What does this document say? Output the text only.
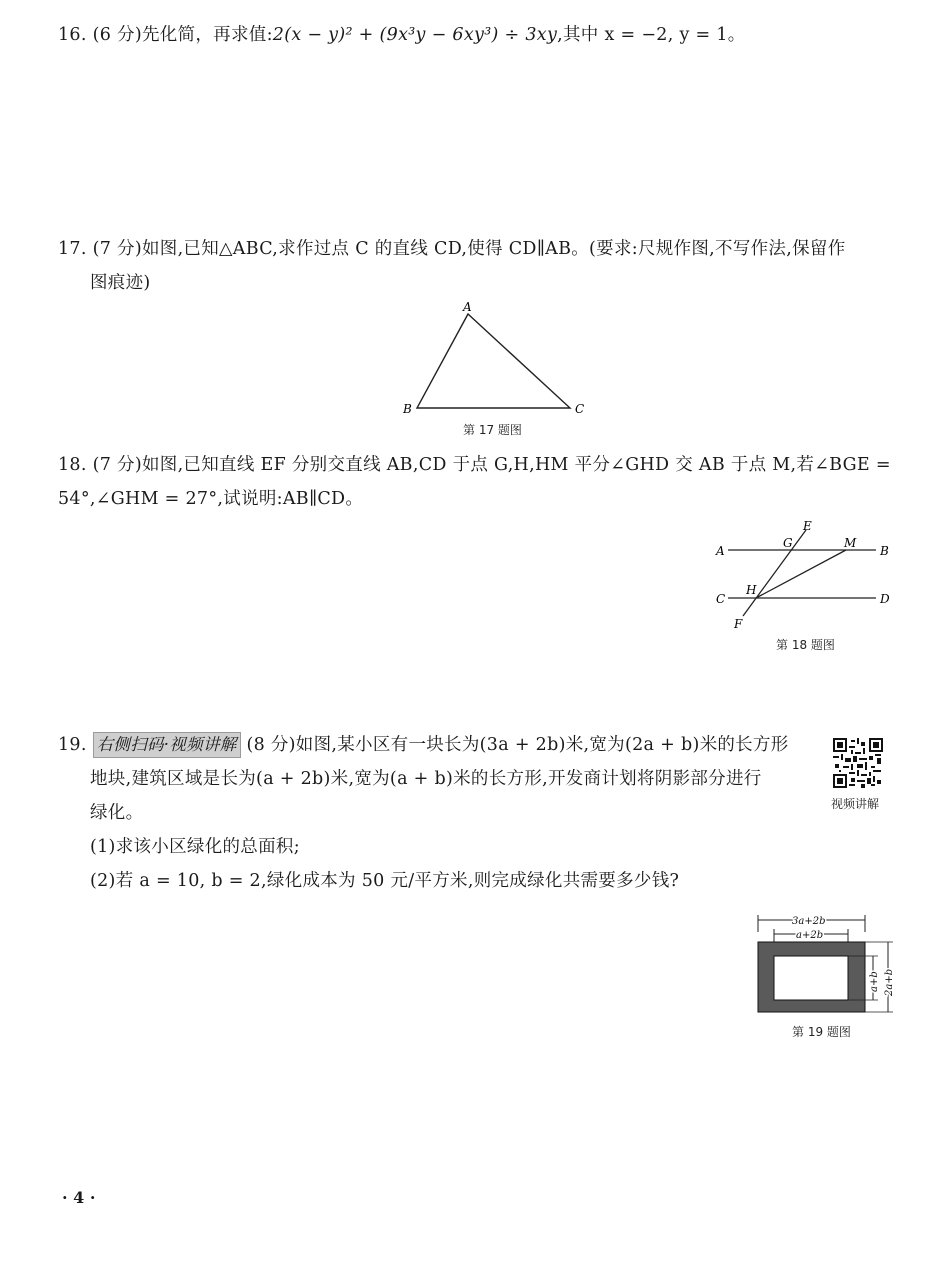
16. (6 分)先化简，再求值:2(x − y)² + (9x³y − 6xy³) ÷ 3xy,其中 x = −2, y = 1。
17. (7 分)如图,已知△ABC,求作过点 C 的直线 CD,使得 CD∥AB。(要求:尺规作图,不写作法,保留作
图痕迹)
A
B	C
第 17 题图
18. (7 分)如图,已知直线 EF 分别交直线 AB,CD 于点 G,H,HM 平分∠GHD 交 AB 于点 M,若∠BGE =
54°,∠GHM = 27°,试说明:AB∥CD。
A	B
C	D
E
F
G
H
M
第 18 题图
19. 右侧扫码·视频讲解 (8 分)如图,某小区有一块长为(3a + 2b)米,宽为(2a + b)米的长方形
地块,建筑区域是长为(a + 2b)米,宽为(a + b)米的长方形,开发商计划将阴影部分进行
绿化。
(1)求该小区绿化的总面积;
(2)若 a = 10, b = 2,绿化成本为 50 元/平方米,则完成绿化共需要多少钱?
视频讲解
3a+2b
a+2b
a+b 2a+b
第 19 题图
· 4 ·
